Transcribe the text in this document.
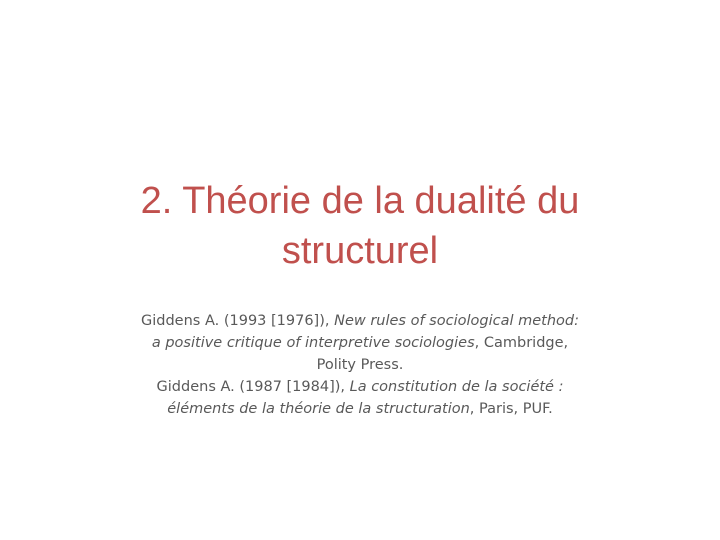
2. Théorie de la dualité du
structurel
Giddens A. (1993 [1976]), New rules of sociological method:
a positive critique of interpretive sociologies, Cambridge,
Polity Press.
Giddens A. (1987 [1984]), La constitution de la société :
éléments de la théorie de la structuration, Paris, PUF.
